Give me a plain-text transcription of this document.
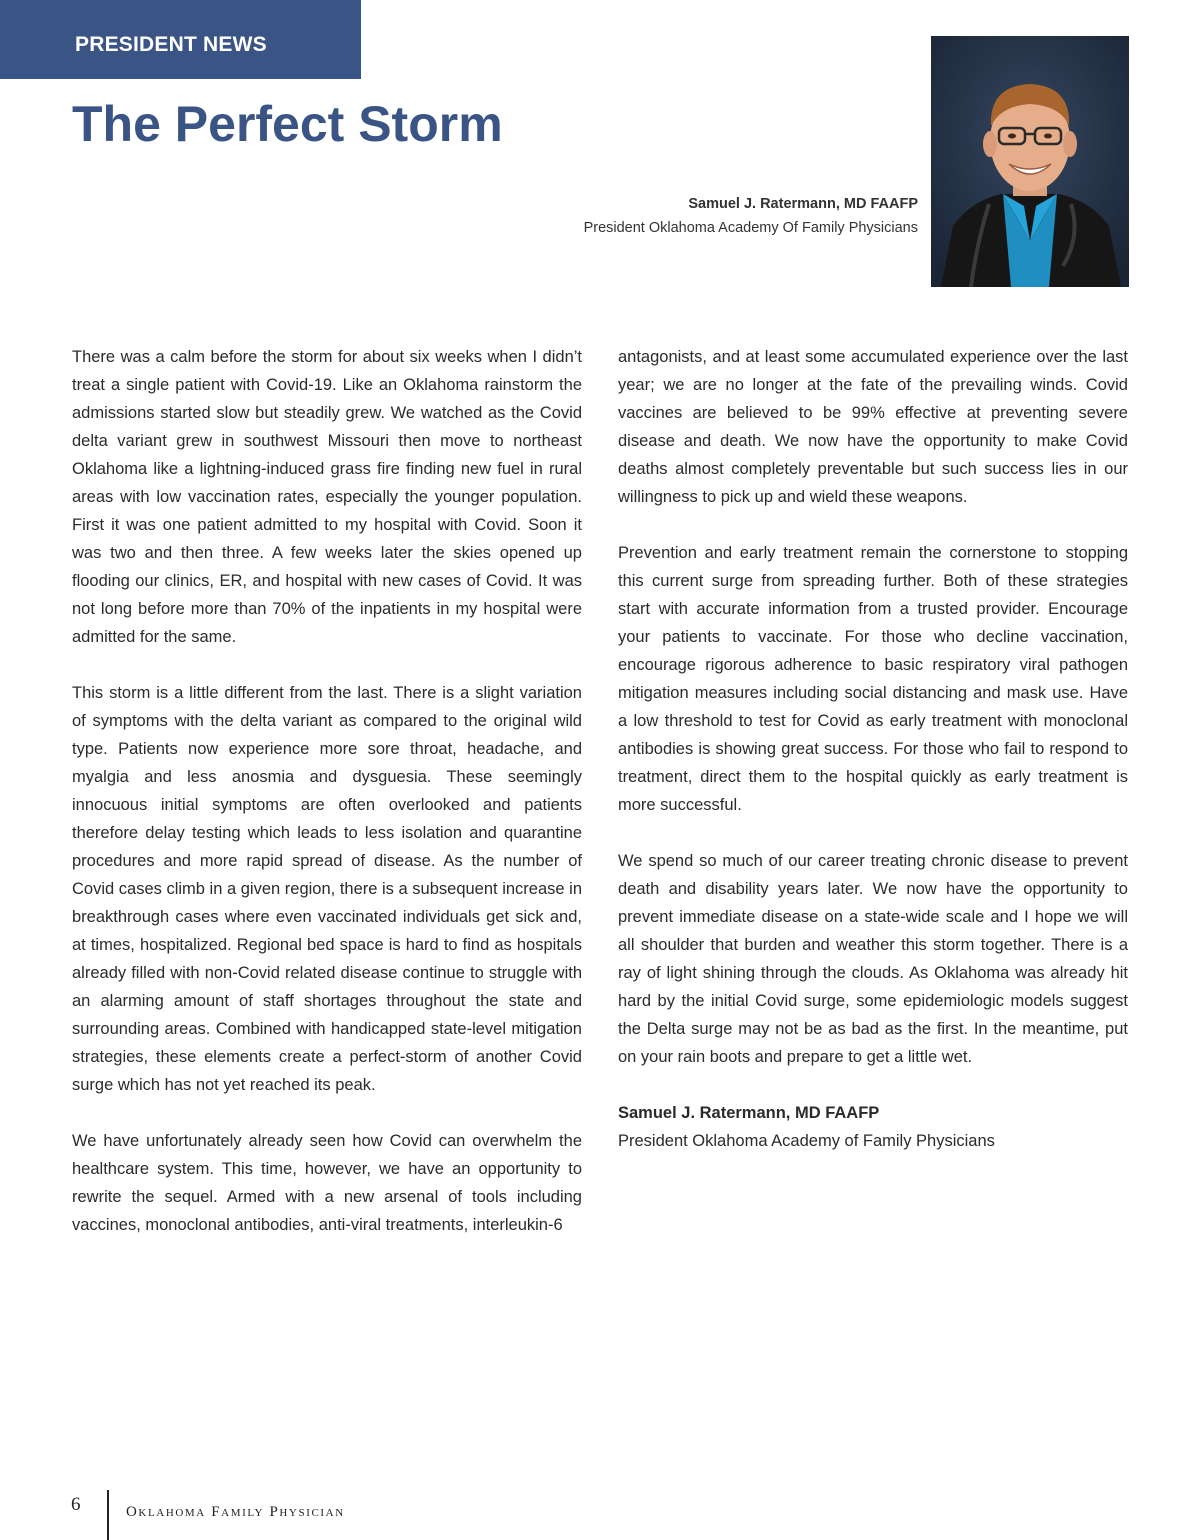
PRESIDENT NEWS
The Perfect Storm
Samuel J. Ratermann, MD FAAFP
President Oklahoma Academy Of Family Physicians

There was a calm before the storm for about six weeks when I didn’t treat a single patient with Covid-19. Like an Oklahoma rainstorm the admissions started slow but steadily grew. We watched as the Covid delta variant grew in southwest Missouri then move to northeast Oklahoma like a lightning-induced grass fire finding new fuel in rural areas with low vaccination rates, especially the younger population. First it was one patient admitted to my hospital with Covid. Soon it was two and then three. A few weeks later the skies opened up flooding our clinics, ER, and hospital with new cases of Covid. It was not long before more than 70% of the inpatients in my hospital were admitted for the same.

This storm is a little different from the last. There is a slight variation of symptoms with the delta variant as compared to the original wild type. Patients now experience more sore throat, headache, and myalgia and less anosmia and dysguesia. These seemingly innocuous initial symptoms are often overlooked and patients therefore delay testing which leads to less isolation and quarantine procedures and more rapid spread of disease. As the number of Covid cases climb in a given region, there is a subsequent increase in breakthrough cases where even vaccinated individuals get sick and, at times, hospitalized. Regional bed space is hard to find as hospitals already filled with non-Covid related disease continue to struggle with an alarming amount of staff shortages throughout the state and surrounding areas. Combined with handicapped state-level mitigation strategies, these elements create a perfect-storm of another Covid surge which has not yet reached its peak.

We have unfortunately already seen how Covid can overwhelm the healthcare system. This time, however, we have an opportunity to rewrite the sequel. Armed with a new arsenal of tools including vaccines, monoclonal antibodies, anti-viral treatments, interleukin-6

antagonists, and at least some accumulated experience over the last year; we are no longer at the fate of the prevailing winds. Covid vaccines are believed to be 99% effective at preventing severe disease and death. We now have the opportunity to make Covid deaths almost completely preventable but such success lies in our willingness to pick up and wield these weapons.

Prevention and early treatment remain the cornerstone to stopping this current surge from spreading further. Both of these strategies start with accurate information from a trusted provider. Encourage your patients to vaccinate. For those who decline vaccination, encourage rigorous adherence to basic respiratory viral pathogen mitigation measures including social distancing and mask use. Have a low threshold to test for Covid as early treatment with monoclonal antibodies is showing great success. For those who fail to respond to treatment, direct them to the hospital quickly as early treatment is more successful.

We spend so much of our career treating chronic disease to prevent death and disability years later. We now have the opportunity to prevent immediate disease on a state-wide scale and I hope we will all shoulder that burden and weather this storm together. There is a ray of light shining through the clouds. As Oklahoma was already hit hard by the initial Covid surge, some epidemiologic models suggest the Delta surge may not be as bad as the first. In the meantime, put on your rain boots and prepare to get a little wet.

Samuel J. Ratermann, MD FAAFP
President Oklahoma Academy of Family Physicians
6	Oklahoma Family Physician
